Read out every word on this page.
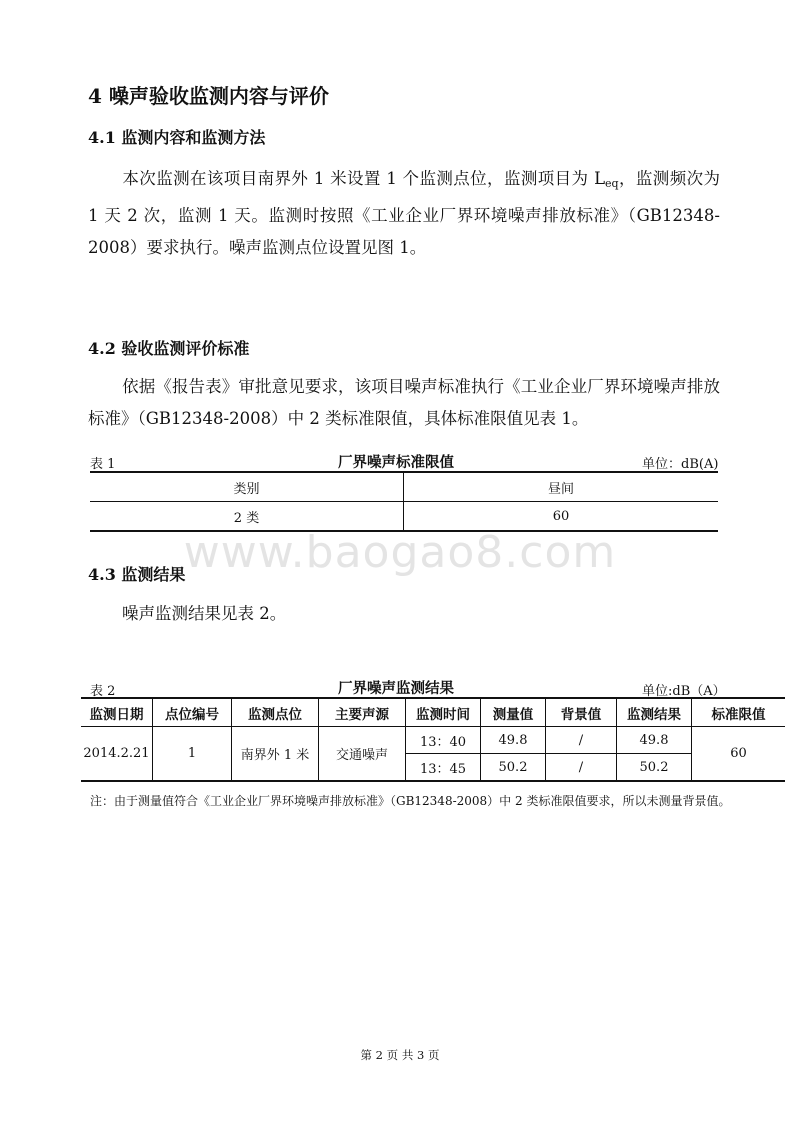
4 噪声验收监测内容与评价
4.1 监测内容和监测方法
本次监测在该项目南界外 1 米设置 1 个监测点位，监测项目为 $L_{eq}$，监测频次为 1 天 2 次，监测 1 天。监测时按照《工业企业厂界环境噪声排放标准》（GB12348-2008）要求执行。噪声监测点位设置见图 1。
4.2 验收监测评价标准
依据《报告表》审批意见要求，该项目噪声标准执行《工业企业厂界环境噪声排放标准》（GB12348-2008）中 2 类标准限值，具体标准限值见表 1。
表 1	厂界噪声标准限值	单位：dB(A)
类别	昼间
2 类	60
www.baogao8.com
4.3 监测结果
噪声监测结果见表 2。
表 2	厂界噪声监测结果	单位:dB（A）
监测日期	点位编号	监测点位	主要声源	监测时间	测量值	背景值	监测结果	标准限值
2014.2.21	1	南界外 1 米	交通噪声	13：40	49.8	/	49.8	60
				13：45	50.2	/	50.2	
注：由于测量值符合《工业企业厂界环境噪声排放标准》（GB12348-2008）中 2 类标准限值要求，所以未测量背景值。
第 2 页 共 3 页
